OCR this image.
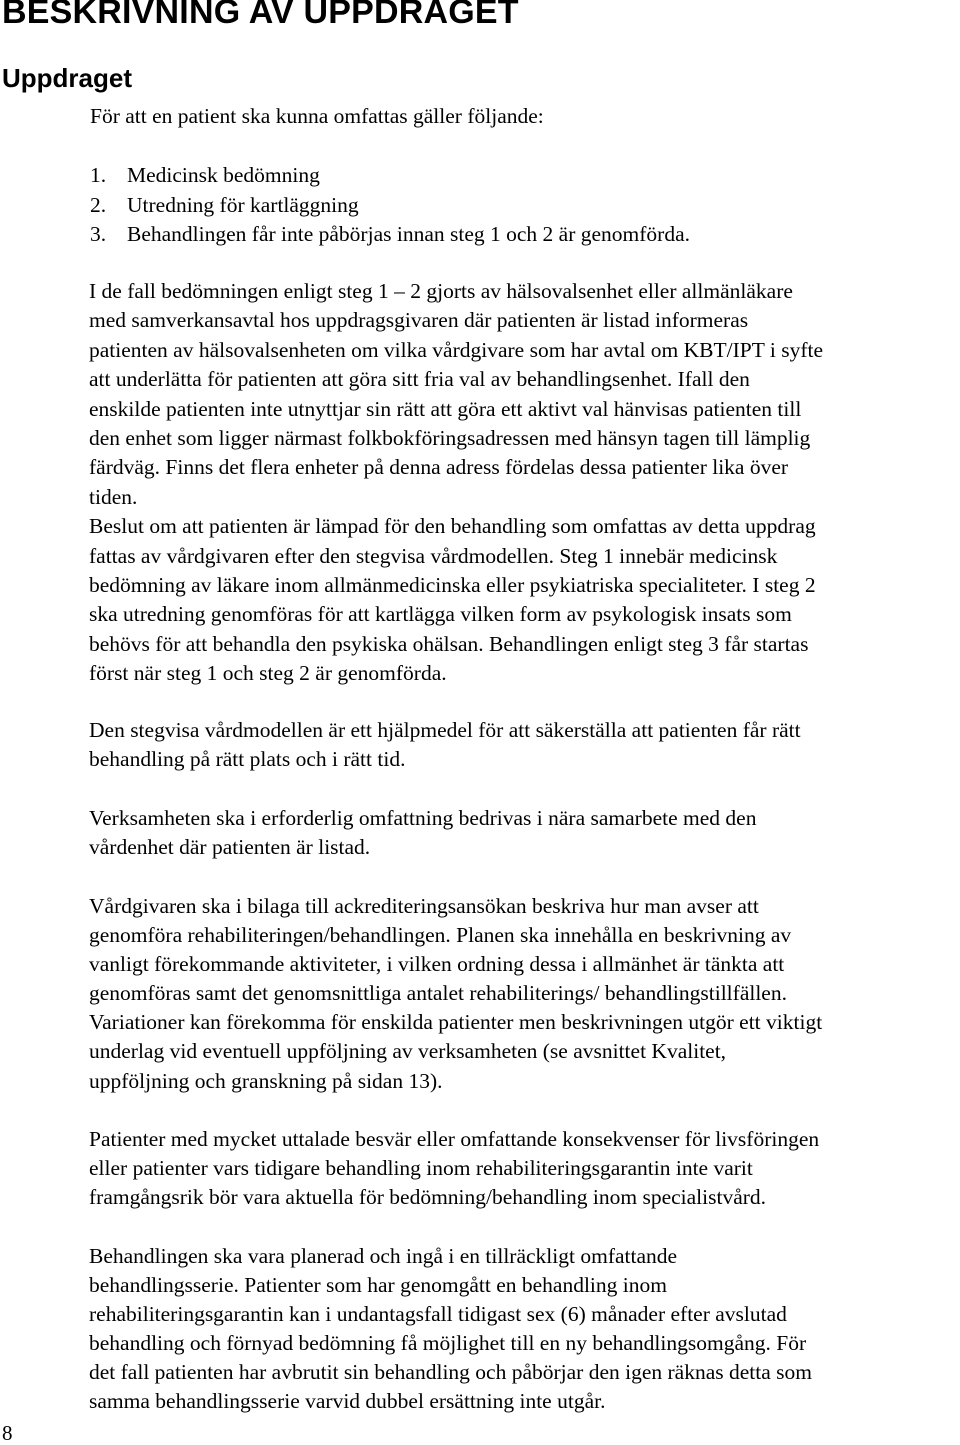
BESKRIVNING AV UPPDRAGET
Uppdraget
För att en patient ska kunna omfattas gäller följande:
1. Medicinsk bedömning
2. Utredning för kartläggning
3. Behandlingen får inte påbörjas innan steg 1 och 2 är genomförda.

I de fall bedömningen enligt steg 1 – 2 gjorts av hälsovalsenhet eller allmänläkare

med samverkansavtal hos uppdragsgivaren där patienten är listad informeras

patienten av hälsovalsenheten om vilka vårdgivare som har avtal om KBT/IPT i syfte

att underlätta för patienten att göra sitt fria val av behandlingsenhet. Ifall den

enskilde patienten inte utnyttjar sin rätt att göra ett aktivt val hänvisas patienten till

den enhet som ligger närmast folkbokföringsadressen med hänsyn tagen till lämplig

färdväg. Finns det flera enheter på denna adress fördelas dessa patienter lika över

tiden.

Beslut om att patienten är lämpad för den behandling som omfattas av detta uppdrag

fattas av vårdgivaren efter den stegvisa vårdmodellen. Steg 1 innebär medicinsk

bedömning av läkare inom allmänmedicinska eller psykiatriska specialiteter. I steg 2

ska utredning genomföras för att kartlägga vilken form av psykologisk insats som

behövs för att behandla den psykiska ohälsan. Behandlingen enligt steg 3 får startas

först när steg 1 och steg 2 är genomförda.

Den stegvisa vårdmodellen är ett hjälpmedel för att säkerställa att patienten får rätt
behandling på rätt plats och i rätt tid.

Verksamheten ska i erforderlig omfattning bedrivas i nära samarbete med den
vårdenhet där patienten är listad.

Vårdgivaren ska i bilaga till ackrediteringsansökan beskriva hur man avser att
genomföra rehabiliteringen/behandlingen. Planen ska innehålla en beskrivning av
vanligt förekommande aktiviteter, i vilken ordning dessa i allmänhet är tänkta att
genomföras samt det genomsnittliga antalet rehabiliterings/ behandlingstillfällen.
Variationer kan förekomma för enskilda patienter men beskrivningen utgör ett viktigt
underlag vid eventuell uppföljning av verksamheten (se avsnittet Kvalitet,
uppföljning och granskning på sidan 13).

Patienter med mycket uttalade besvär eller omfattande konsekvenser för livsföringen
eller patienter vars tidigare behandling inom rehabiliteringsgarantin inte varit
framgångsrik bör vara aktuella för bedömning/behandling inom specialistvård.

Behandlingen ska vara planerad och ingå i en tillräckligt omfattande
behandlingsserie. Patienter som har genomgått en behandling inom
rehabiliteringsgarantin kan i undantagsfall tidigast sex (6) månader efter avslutad
behandling och förnyad bedömning få möjlighet till en ny behandlingsomgång. För
det fall patienten har avbrutit sin behandling och påbörjar den igen räknas detta som
samma behandlingsserie varvid dubbel ersättning inte utgår.

8
